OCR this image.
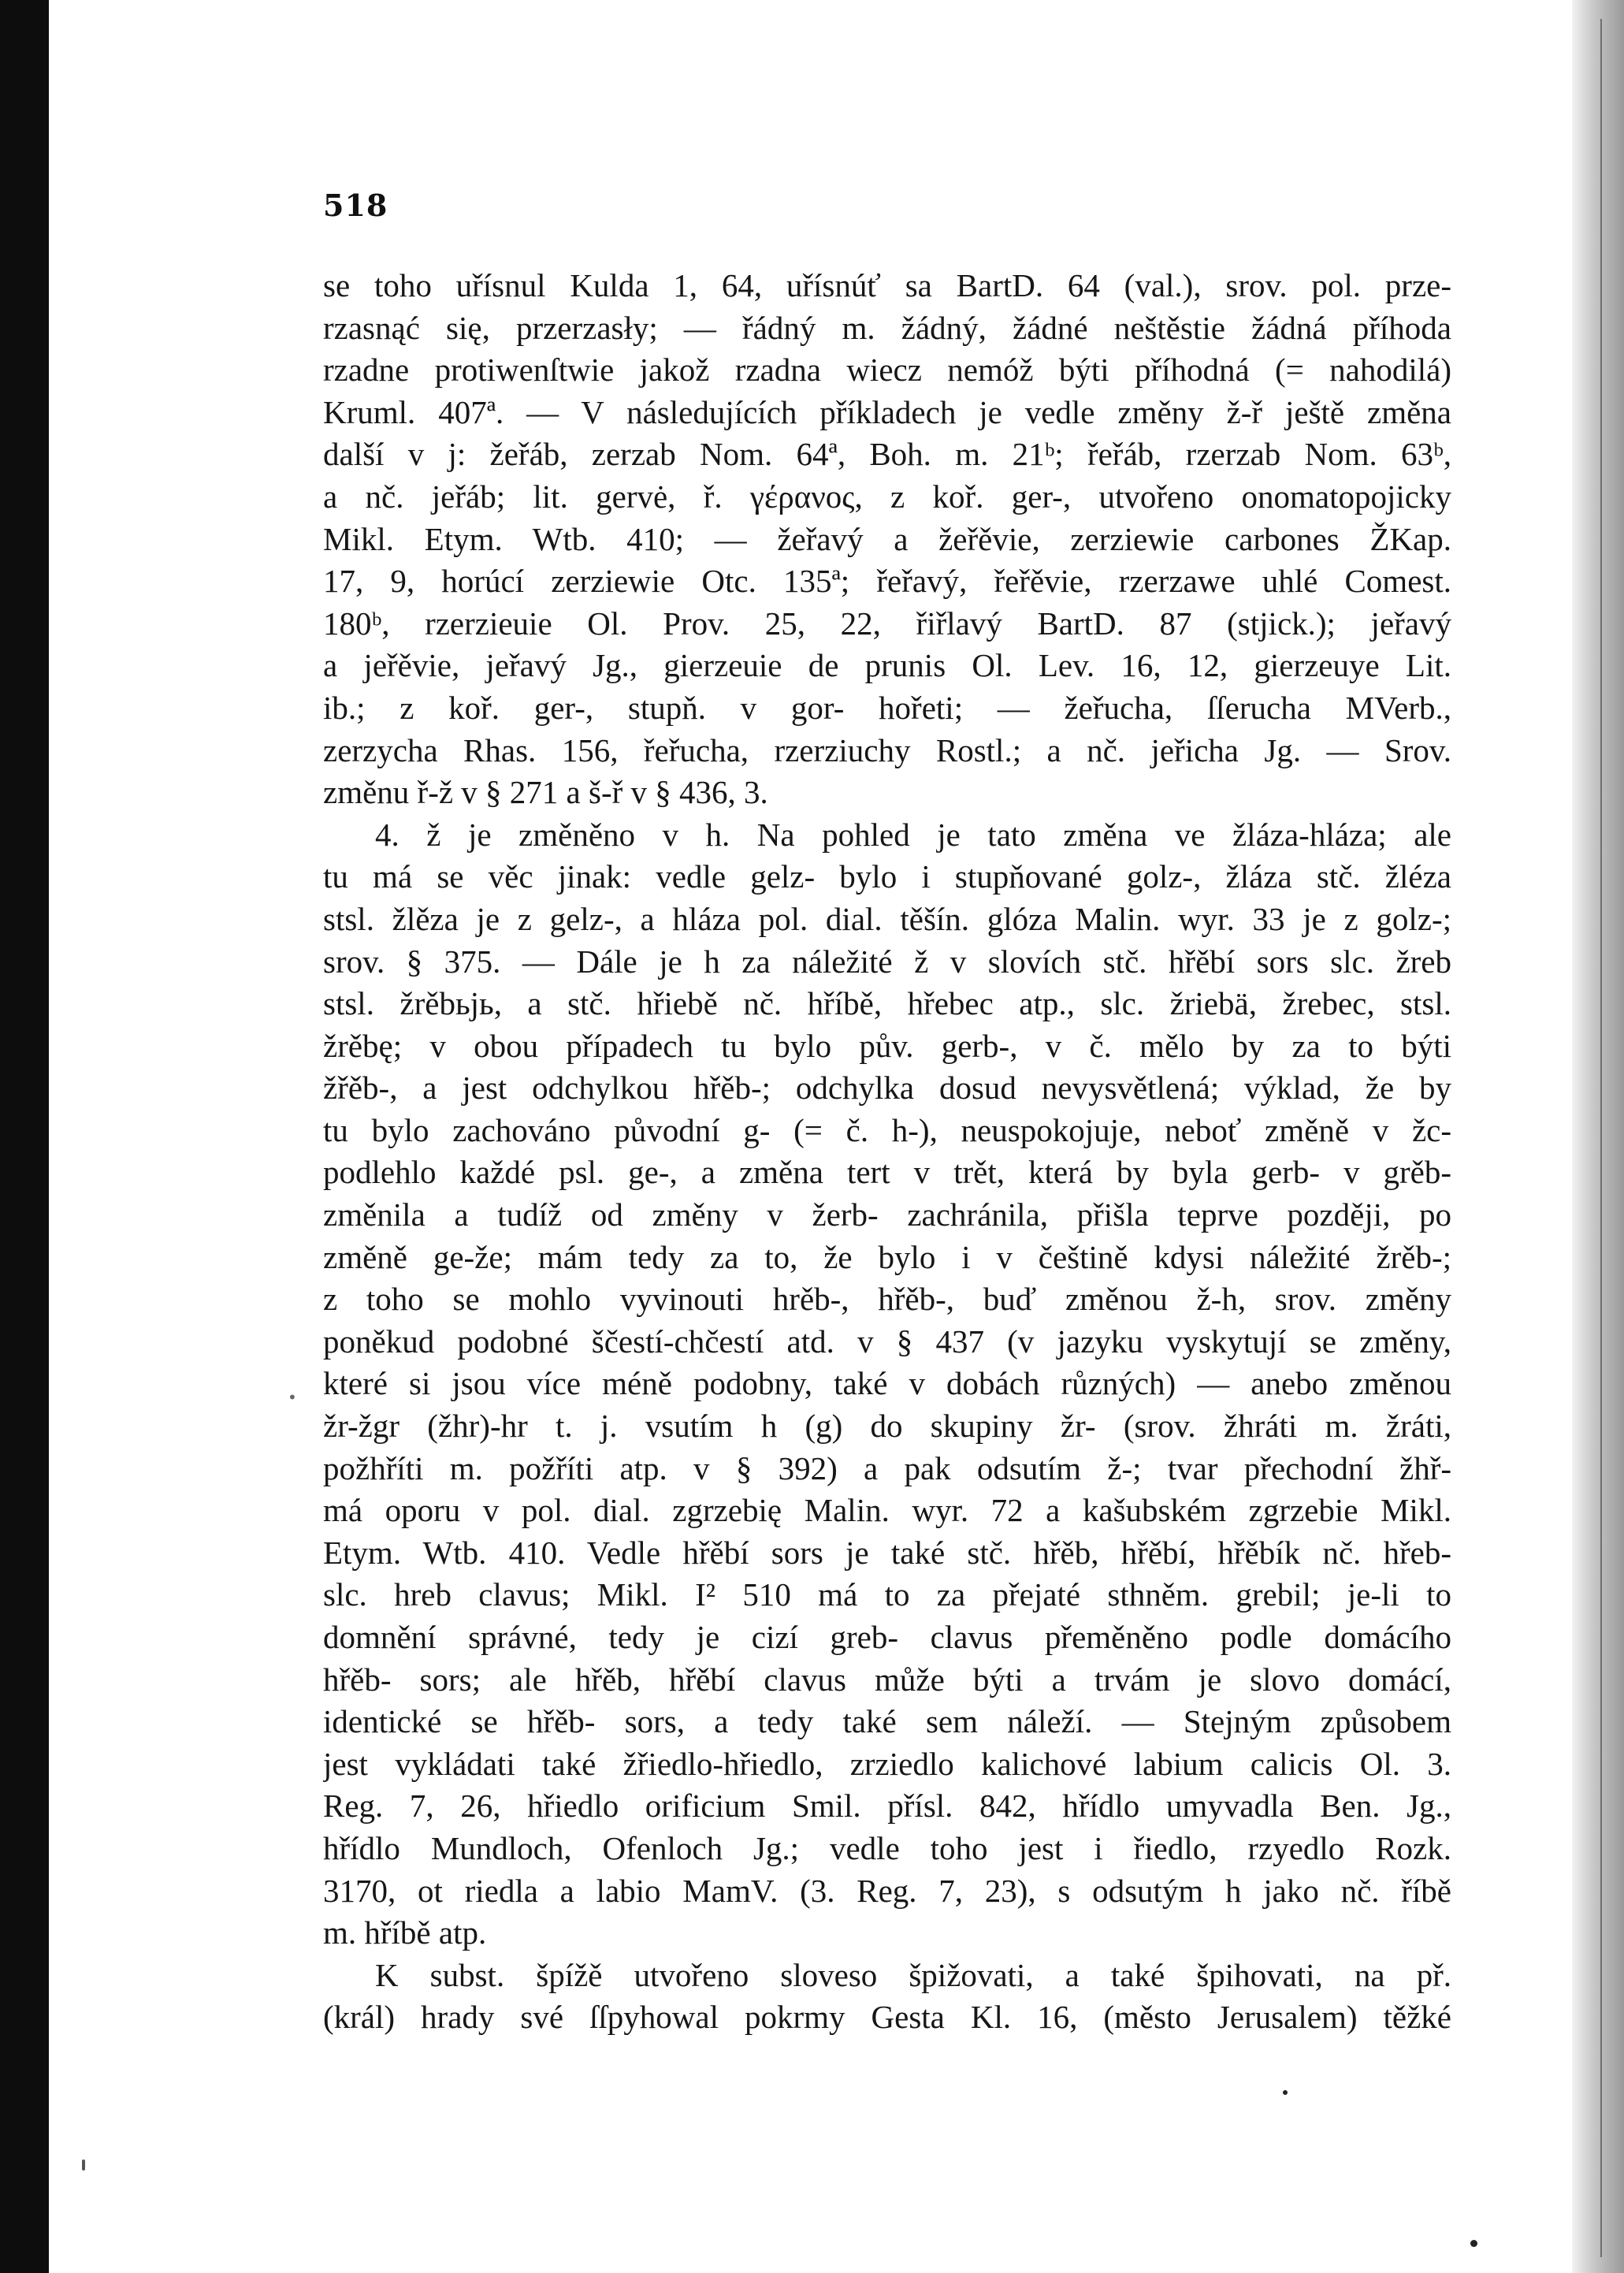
518
•
se toho uřísnul Kulda 1, 64, uřísnúť sa BartD. 64 (val.), srov. pol. prze-
rzasnąć się, przerzasły; — řádný m. žádný, žádné neštěstie žádná příhoda
rzadne protiwenſtwie jakož rzadna wiecz nemóž býti příhodná (= nahodilá)
Kruml. 407ª. — V následujících příkladech je vedle změny ž-ř ještě změna
další v j: žeřáb, zerzab Nom. 64ª, Boh. m. 21ᵇ; řeřáb, rzerzab Nom. 63ᵇ,
a nč. jeřáb; lit. gervė, ř. γέρανος, z koř. ger-, utvořeno onomatopojicky
Mikl. Etym. Wtb. 410; — žeřavý a žeřěvie, zerziewie carbones ŽKap.
17, 9, horúcí zerziewie Otc. 135ª; řeřavý, řeřěvie, rzerzawe uhlé Comest.
180ᵇ, rzerzieuie Ol. Prov. 25, 22, řiřlavý BartD. 87 (stjick.); jeřavý
a jeřěvie, jeřavý Jg., gierzeuie de prunis Ol. Lev. 16, 12, gierzeuye Lit.
ib.; z koř. ger-, stupň. v gor- hořeti; — žeřucha, ſſerucha MVerb.,
zerzycha Rhas. 156, řeřucha, rzerziuchy Rostl.; a nč. jeřicha Jg. — Srov.
změnu ř-ž v § 271 a š-ř v § 436, 3.
4. ž je změněno v h. Na pohled je tato změna ve žláza-hláza; ale
tu má se věc jinak: vedle gelz- bylo i stupňované golz-, žláza stč. žléza
stsl. žlěza je z gelz-, a hláza pol. dial. těšín. glóza Malin. wyr. 33 je z golz-;
srov. § 375. — Dále je h za náležité ž v slovích stč. hřěbí sors slc. žreb
stsl. žrěbьjь, a stč. hřiebě nč. hříbě, hřebec atp., slc. žriebä, žrebec, stsl.
žrěbę; v obou případech tu bylo pův. gerb-, v č. mělo by za to býti
žřěb-, a jest odchylkou hřěb-; odchylka dosud nevysvětlená; výklad, že by
tu bylo zachováno původní g- (= č. h-), neuspokojuje, neboť změně v žc-
podlehlo každé psl. ge-, a změna tert v trět, která by byla gerb- v grěb-
změnila a tudíž od změny v žerb- zachránila, přišla teprve později, po
změně ge-že; mám tedy za to, že bylo i v češtině kdysi náležité žrěb-;
z toho se mohlo vyvinouti hrěb-, hřěb-, buď změnou ž-h, srov. změny
poněkud podobné ščestí-chčestí atd. v § 437 (v jazyku vyskytují se změny,
které si jsou více méně podobny, také v dobách různých) — anebo změnou
žr-žgr (žhr)-hr t. j. vsutím h (g) do skupiny žr- (srov. žhráti m. žráti,
požhříti m. požříti atp. v § 392) a pak odsutím ž-; tvar přechodní žhř-
má oporu v pol. dial. zgrzebię Malin. wyr. 72 a kašubském zgrzebie Mikl.
Etym. Wtb. 410. Vedle hřěbí sors je také stč. hřěb, hřěbí, hřěbík nč. hřeb-
slc. hreb clavus; Mikl. I² 510 má to za přejaté sthněm. grebil; je-li to
domnění správné, tedy je cizí greb- clavus přeměněno podle domácího
hřěb- sors; ale hřěb, hřěbí clavus může býti a trvám je slovo domácí,
identické se hřěb- sors, a tedy také sem náleží. — Stejným způsobem
jest vykládati také žřiedlo-hřiedlo, zrziedlo kalichové labium calicis Ol. 3.
Reg. 7, 26, hřiedlo orificium Smil. přísl. 842, hřídlo umyvadla Ben. Jg.,
hřídlo Mundloch, Ofenloch Jg.; vedle toho jest i řiedlo, rzyedlo Rozk.
3170, ot riedla a labio MamV. (3. Reg. 7, 23), s odsutým h jako nč. říbě
m. hříbě atp.
K subst. špížě utvořeno sloveso špižovati, a také špihovati, na př.
(král) hrady své ſſpyhowal pokrmy Gesta Kl. 16, (město Jerusalem) těžké
